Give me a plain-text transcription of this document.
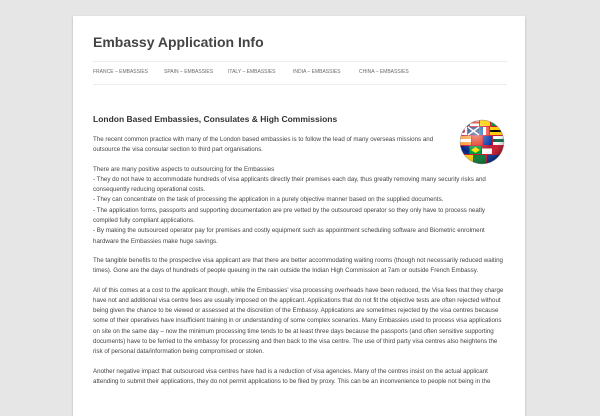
Embassy Application Info
FRANCE – EMBASSIES	SPAIN – EMBASSIES	ITALY – EMBASSIES	INDIA – EMBASSIES	CHINA – EMBASSIES
London Based Embassies, Consulates & High Commissions

The recent common practice with many of the London based embassies is to follow the lead of many overseas missions and outsource the visa consular section to third part organisations.

There are many positive aspects to outsourcing for the Embassies

- They do not have to accommodate hundreds of visa applicants directly their premises each day, thus greatly removing many security risks and consequently reducing operational costs.

- They can concentrate on the task of processing the application in a purely objective manner based on the supplied documents.

- The application forms, passports and supporting documentation are pre vetted by the outsourced operator so they only have to process neatly compiled fully compliant applications.

- By making the outsourced operator pay for premises and costly equipment such as appointment scheduling software and Biometric enrolment hardware the Embassies make huge savings.

The tangible benefits to the prospective visa applicant are that there are better accommodating waiting rooms (though not necessarily reduced waiting times). Gone are the days of hundreds of people queuing in the rain outside the Indian High Commission at 7am or outside French Embassy.

All of this comes at a cost to the applicant though, while the Embassies' visa processing overheads have been reduced, the Visa fees that they charge have not and additional visa centre fees are usually imposed on the applicant. Applications that do not fit the objective tests are often rejected without being given the chance to be viewed or assessed at the discretion of the Embassy. Applications are sometimes rejected by the visa centres because some of their operatives have insufficient training in or understanding of some complex scenarios. Many Embassies used to process visa applications on site on the same day – now the minimum processing time tends to be at least three days because the passports (and often sensitive supporting documents) have to be ferried to the embassy for processing and then back to the visa centre. The use of third party visa centres also heightens the risk of personal data/information being compromised or stolen.

Another negative impact that outsourced visa centres have had is a reduction of visa agencies. Many of the centres insist on the actual applicant attending to submit their applications, they do not permit applications to be filed by proxy. This can be an inconvenience to people not being in the
